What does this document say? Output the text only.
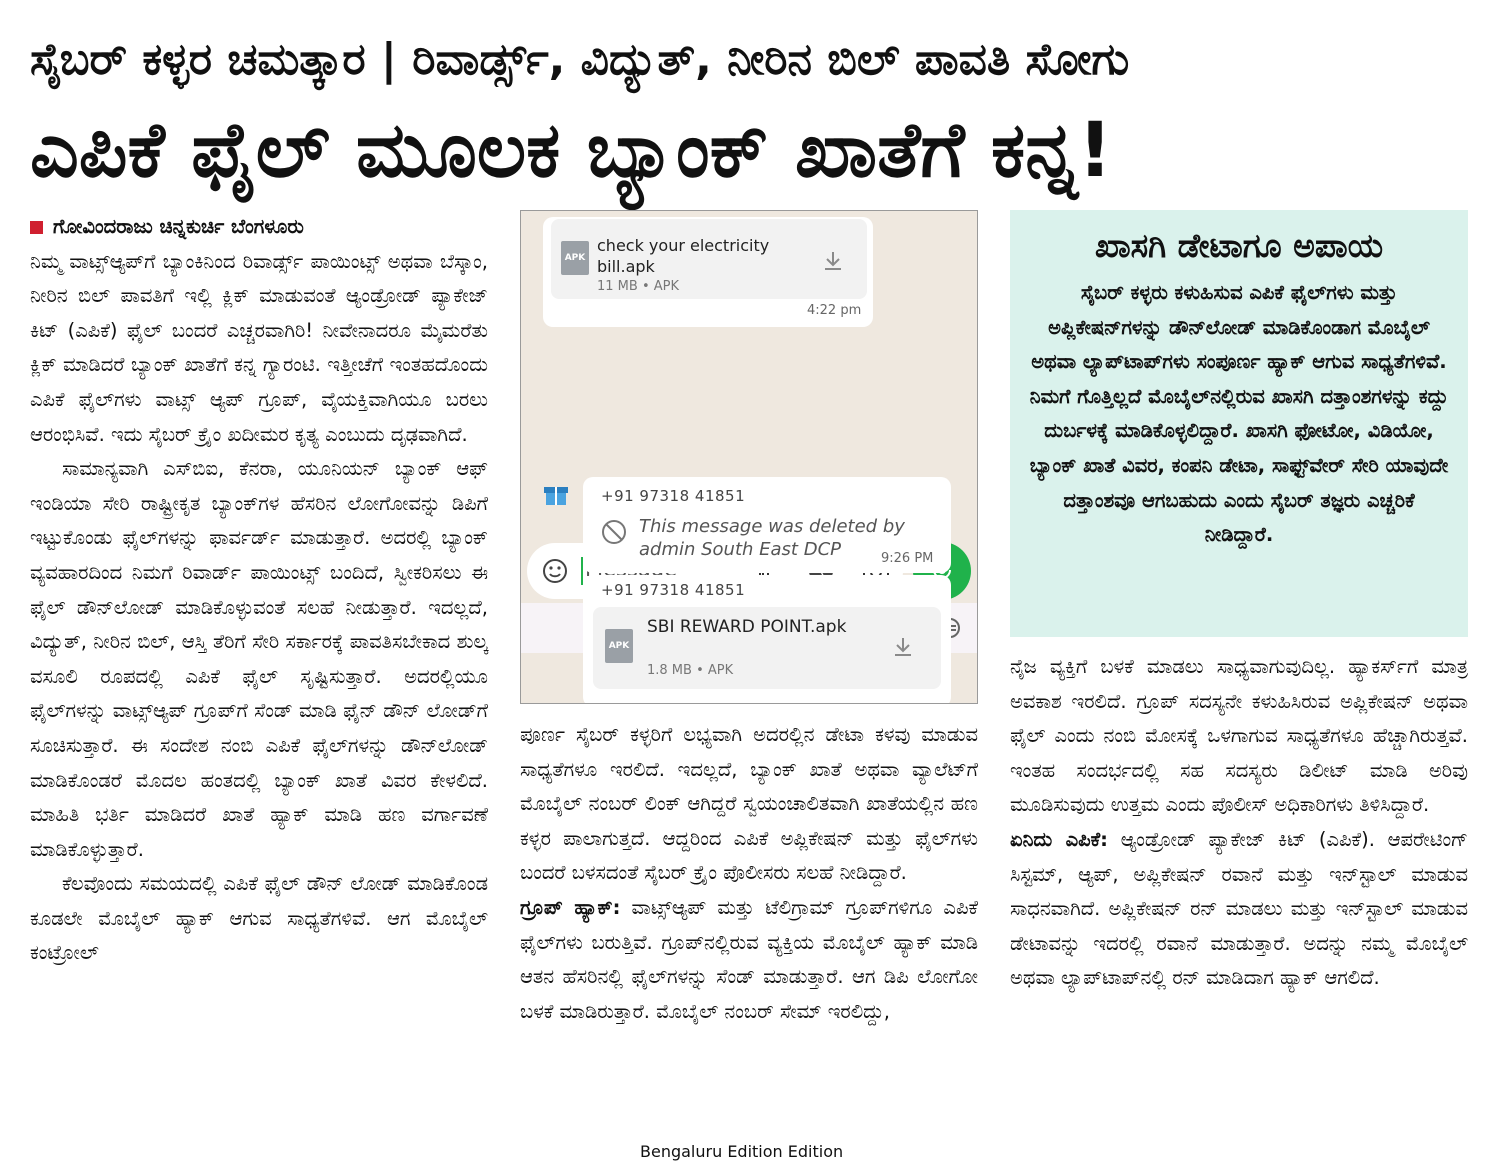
ಸೈಬರ್ ಕಳ್ಳರ ಚಮತ್ಕಾರ | ರಿವಾರ್ಡ್ಸ್, ವಿದ್ಯುತ್, ನೀರಿನ ಬಿಲ್ ಪಾವತಿ ಸೋಗು
ಎಪಿಕೆ ಫೈಲ್ ಮೂಲಕ ಬ್ಯಾಂಕ್ ಖಾತೆಗೆ ಕನ್ನ!

ಗೋವಿಂದರಾಜು ಚಿನ್ನಕುರ್ಚಿ ಬೆಂಗಳೂರು

ನಿಮ್ಮ ವಾಟ್ಸ್ಆ್ಯಪ್‌ಗೆ ಬ್ಯಾಂಕಿನಿಂದ ರಿವಾರ್ಡ್ಸ್ ಪಾಯಿಂಟ್ಸ್ ಅಥವಾ ಬೆಸ್ಕಾಂ, ನೀರಿನ ಬಿಲ್ ಪಾವತಿಗೆ ಇಲ್ಲಿ ಕ್ಲಿಕ್ ಮಾಡುವಂತೆ ಆ್ಯಂಡ್ರೋಡ್ ಪ್ಯಾಕೇಜ್ ಕಿಟ್ (ಎಪಿಕೆ) ಫೈಲ್ ಬಂದರೆ ಎಚ್ಚರವಾಗಿರಿ! ನೀವೇನಾದರೂ ಮೈಮರೆತು ಕ್ಲಿಕ್ ಮಾಡಿದರೆ ಬ್ಯಾಂಕ್ ಖಾತೆಗೆ ಕನ್ನ ಗ್ಯಾರಂಟಿ. ಇತ್ತೀಚೆಗೆ ಇಂತಹದೊಂದು ಎಪಿಕೆ ಫೈಲ್‌ಗಳು ವಾಟ್ಸ್ ಆ್ಯಪ್ ಗ್ರೂಪ್, ವೈಯಕ್ತಿವಾಗಿಯೂ ಬರಲು ಆರಂಭಿಸಿವೆ. ಇದು ಸೈಬರ್ ಕ್ರೈಂ ಖದೀಮರ ಕೃತ್ಯ ಎಂಬುದು ದೃಢವಾಗಿದೆ.

ಸಾಮಾನ್ಯವಾಗಿ ಎಸ್‌ಬಿಐ, ಕೆನರಾ, ಯೂನಿಯನ್ ಬ್ಯಾಂಕ್ ಆಫ್ ಇಂಡಿಯಾ ಸೇರಿ ರಾಷ್ಟ್ರೀಕೃತ ಬ್ಯಾಂಕ್‌ಗಳ ಹೆಸರಿನ ಲೋಗೋವನ್ನು ಡಿಪಿಗೆ ಇಟ್ಟುಕೊಂಡು ಫೈಲ್‌ಗಳನ್ನು ಫಾರ್ವರ್ಡ್ ಮಾಡುತ್ತಾರೆ. ಅದರಲ್ಲಿ ಬ್ಯಾಂಕ್ ವ್ಯವಹಾರದಿಂದ ನಿಮಗೆ ರಿವಾರ್ಡ್ ಪಾಯಿಂಟ್ಸ್ ಬಂದಿದೆ, ಸ್ವೀಕರಿಸಲು ಈ ಫೈಲ್ ಡೌನ್‌ಲೋಡ್ ಮಾಡಿಕೊಳ್ಳುವಂತೆ ಸಲಹೆ ನೀಡುತ್ತಾರೆ. ಇದಲ್ಲದೆ, ವಿದ್ಯುತ್, ನೀರಿನ ಬಿಲ್, ಆಸ್ತಿ ತೆರಿಗೆ ಸೇರಿ ಸರ್ಕಾರಕ್ಕೆ ಪಾವತಿಸಬೇಕಾದ ಶುಲ್ಕ ವಸೂಲಿ ರೂಪದಲ್ಲಿ ಎಪಿಕೆ ಫೈಲ್ ಸೃಷ್ಟಿಸುತ್ತಾರೆ. ಅದರಲ್ಲಿಯೂ ಫೈಲ್‌ಗಳನ್ನು ವಾಟ್ಸ್ಆ್ಯಪ್ ಗ್ರೂಪ್‌ಗೆ ಸೆಂಡ್ ಮಾಡಿ ಫೈನ್ ಡೌನ್ ಲೋಡ್‌ಗೆ ಸೂಚಿಸುತ್ತಾರೆ. ಈ ಸಂದೇಶ ನಂಬಿ ಎಪಿಕೆ ಫೈಲ್‌ಗಳನ್ನು ಡೌನ್‌ಲೋಡ್ ಮಾಡಿಕೊಂಡರೆ ಮೊದಲ ಹಂತದಲ್ಲಿ ಬ್ಯಾಂಕ್ ಖಾತೆ ವಿವರ ಕೇಳಲಿದೆ. ಮಾಹಿತಿ ಭರ್ತಿ ಮಾಡಿದರೆ ಖಾತೆ ಹ್ಯಾಕ್ ಮಾಡಿ ಹಣ ವರ್ಗಾವಣೆ ಮಾಡಿಕೊಳ್ಳುತ್ತಾರೆ.

ಕೆಲವೊಂದು ಸಮಯದಲ್ಲಿ ಎಪಿಕೆ ಫೈಲ್ ಡೌನ್ ಲೋಡ್ ಮಾಡಿಕೊಂಡ ಕೂಡಲೇ ಮೊಬೈಲ್ ಹ್ಯಾಕ್ ಆಗುವ ಸಾಧ್ಯತೆಗಳಿವೆ. ಆಗ ಮೊಬೈಲ್ ಕಂಟ್ರೋಲ್

APK
check your electricity bill.apk
11 MB • APK
4:22 pm
+91 97318 41851
This message was deleted by admin South East DCP	9:26 PM
+91 97318 41851
APK
SBI REWARD POINT.apk
1.8 MB • APK

ಪೂರ್ಣ ಸೈಬರ್ ಕಳ್ಳರಿಗೆ ಲಭ್ಯವಾಗಿ ಅದರಲ್ಲಿನ ಡೇಟಾ ಕಳವು ಮಾಡುವ ಸಾಧ್ಯತೆಗಳೂ ಇರಲಿದೆ. ಇದಲ್ಲದೆ, ಬ್ಯಾಂಕ್ ಖಾತೆ ಅಥವಾ ವ್ಯಾಲೆಟ್‌ಗೆ ಮೊಬೈಲ್ ನಂಬರ್ ಲಿಂಕ್ ಆಗಿದ್ದರೆ ಸ್ವಯಂಚಾಲಿತವಾಗಿ ಖಾತೆಯಲ್ಲಿನ ಹಣ ಕಳ್ಳರ ಪಾಲಾಗುತ್ತದೆ. ಆದ್ದರಿಂದ ಎಪಿಕೆ ಅಪ್ಲಿಕೇಷನ್ ಮತ್ತು ಫೈಲ್‌ಗಳು ಬಂದರೆ ಬಳಸದಂತೆ ಸೈಬರ್ ಕ್ರೈಂ ಪೊಲೀಸರು ಸಲಹೆ ನೀಡಿದ್ದಾರೆ.

ಗ್ರೂಪ್ ಹ್ಯಾಕ್: ವಾಟ್ಸ್ಆ್ಯಪ್ ಮತ್ತು ಟೆಲಿಗ್ರಾಮ್ ಗ್ರೂಪ್‌ಗಳಿಗೂ ಎಪಿಕೆ ಫೈಲ್‌ಗಳು ಬರುತ್ತಿವೆ. ಗ್ರೂಪ್‌ನಲ್ಲಿರುವ ವ್ಯಕ್ತಿಯ ಮೊಬೈಲ್ ಹ್ಯಾಕ್ ಮಾಡಿ ಆತನ ಹೆಸರಿನಲ್ಲಿ ಫೈಲ್‌ಗಳನ್ನು ಸೆಂಡ್ ಮಾಡುತ್ತಾರೆ. ಆಗ ಡಿಪಿ ಲೋಗೋ ಬಳಕೆ ಮಾಡಿರುತ್ತಾರೆ. ಮೊಬೈಲ್ ನಂಬರ್ ಸೇಮ್ ಇರಲಿದ್ದು,

ಖಾಸಗಿ ಡೇಟಾಗೂ ಅಪಾಯ
ಸೈಬರ್ ಕಳ್ಳರು ಕಳುಹಿಸುವ ಎಪಿಕೆ ಫೈಲ್‌ಗಳು ಮತ್ತು ಅಪ್ಲಿಕೇಷನ್‌ಗಳನ್ನು ಡೌನ್‌ಲೋಡ್ ಮಾಡಿಕೊಂಡಾಗ ಮೊಬೈಲ್ ಅಥವಾ ಲ್ಯಾಪ್‌ಟಾಪ್‌ಗಳು ಸಂಪೂರ್ಣ ಹ್ಯಾಕ್ ಆಗುವ ಸಾಧ್ಯತೆಗಳಿವೆ. ನಿಮಗೆ ಗೊತ್ತಿಲ್ಲದೆ ಮೊಬೈಲ್‌ನಲ್ಲಿರುವ ಖಾಸಗಿ ದತ್ತಾಂಶಗಳನ್ನು ಕದ್ದು ದುರ್ಬಳಕ್ಕೆ ಮಾಡಿಕೊಳ್ಳಲಿದ್ದಾರೆ. ಖಾಸಗಿ ಫೋಟೋ, ವಿಡಿಯೋ, ಬ್ಯಾಂಕ್ ಖಾತೆ ವಿವರ, ಕಂಪನಿ ಡೇಟಾ, ಸಾಫ್ಟ್‌ವೇರ್ ಸೇರಿ ಯಾವುದೇ ದತ್ತಾಂಶವೂ ಆಗಬಹುದು ಎಂದು ಸೈಬರ್ ತಜ್ಞರು ಎಚ್ಚರಿಕೆ ನೀಡಿದ್ದಾರೆ.

ನೈಜ ವ್ಯಕ್ತಿಗೆ ಬಳಕೆ ಮಾಡಲು ಸಾಧ್ಯವಾಗುವುದಿಲ್ಲ. ಹ್ಯಾಕರ್ಸ್‌ಗೆ ಮಾತ್ರ ಅವಕಾಶ ಇರಲಿದೆ. ಗ್ರೂಪ್ ಸದಸ್ಯನೇ ಕಳುಹಿಸಿರುವ ಅಪ್ಲಿಕೇಷನ್ ಅಥವಾ ಫೈಲ್ ಎಂದು ನಂಬಿ ಮೋಸಕ್ಕೆ ಒಳಗಾಗುವ ಸಾಧ್ಯತೆಗಳೂ ಹೆಚ್ಚಾಗಿರುತ್ತವೆ. ಇಂತಹ ಸಂದರ್ಭದಲ್ಲಿ ಸಹ ಸದಸ್ಯರು ಡಿಲೀಟ್ ಮಾಡಿ ಅರಿವು ಮೂಡಿಸುವುದು ಉತ್ತಮ ಎಂದು ಪೊಲೀಸ್ ಅಧಿಕಾರಿಗಳು ತಿಳಿಸಿದ್ದಾರೆ.

ಏನಿದು ಎಪಿಕೆ: ಆ್ಯಂಡ್ರೋಡ್ ಪ್ಯಾಕೇಜ್ ಕಿಟ್ (ಎಪಿಕೆ). ಆಪರೇಟಿಂಗ್ ಸಿಸ್ಟಮ್, ಆ್ಯಪ್, ಅಪ್ಲಿಕೇಷನ್ ರವಾನೆ ಮತ್ತು ಇನ್‌ಸ್ಟಾಲ್ ಮಾಡುವ ಸಾಧನವಾಗಿದೆ. ಅಪ್ಲಿಕೇಷನ್ ರನ್ ಮಾಡಲು ಮತ್ತು ಇನ್‌ಸ್ಟಾಲ್ ಮಾಡುವ ಡೇಟಾವನ್ನು ಇದರಲ್ಲಿ ರವಾನೆ ಮಾಡುತ್ತಾರೆ. ಅದನ್ನು ನಮ್ಮ ಮೊಬೈಲ್ ಅಥವಾ ಲ್ಯಾಪ್‌ಟಾಪ್‌ನಲ್ಲಿ ರನ್ ಮಾಡಿದಾಗ ಹ್ಯಾಕ್ ಆಗಲಿದೆ.

Bengaluru Edition Edition
